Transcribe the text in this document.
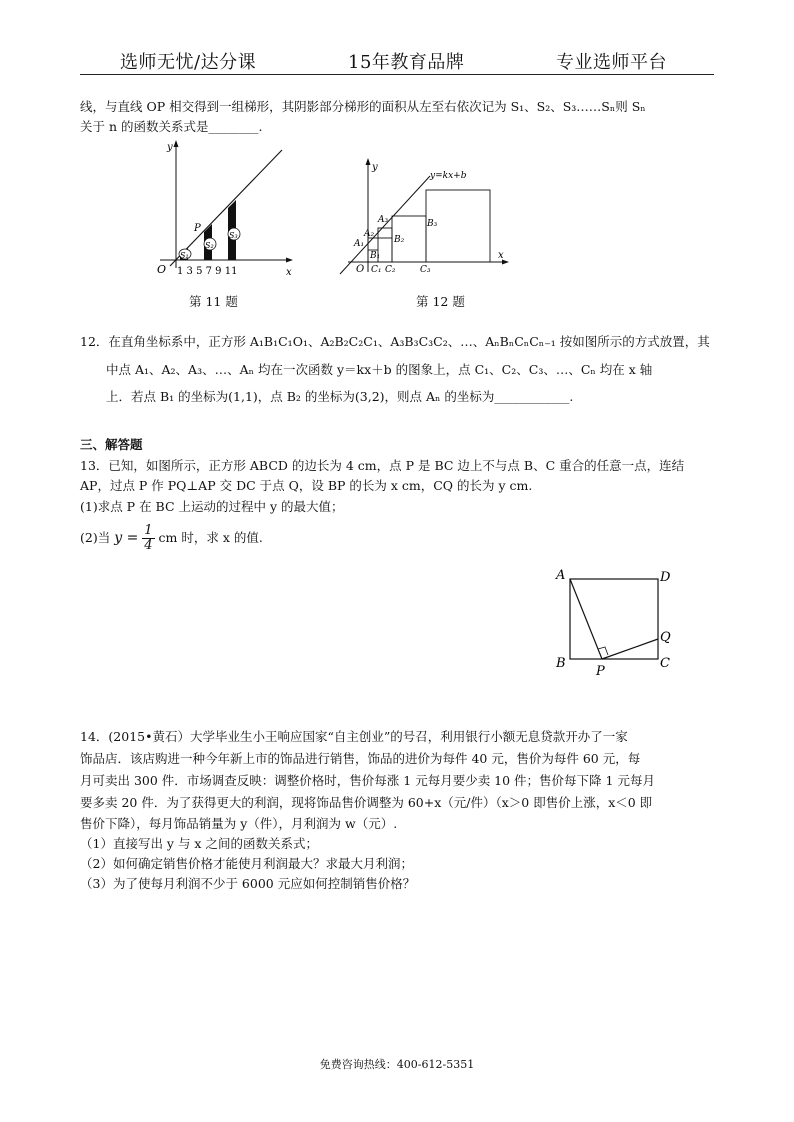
选师无忧/达分课	15年教育品牌	专业选师平台
线，与直线 OP 相交得到一组梯形，其阴影部分梯形的面积从左至右依次记为 S₁、S₂、S₃……Sₙ则 Sₙ
关于 n 的函数关系式是________.
S₁
S₂
S₃
y
x
O
P
1 3 5 7 9 11
第 11 题
y
x
O
y=kx+b
A₁
A₂
A₃
B₁
B₂
B₃
C₁ C₂	C₃
第 12 题
12．在直角坐标系中，正方形 A₁B₁C₁O₁、A₂B₂C₂C₁、A₃B₃C₃C₂、…、AₙBₙCₙCₙ₋₁ 按如图所示的方式放置，其
中点 A₁、A₂、A₃、…、Aₙ 均在一次函数 y＝kx＋b 的图象上，点 C₁、C₂、C₃、…、Cₙ 均在 x 轴
上．若点 B₁ 的坐标为(1,1)，点 B₂ 的坐标为(3,2)，则点 Aₙ 的坐标为____________.
三、解答题
13．已知，如图所示，正方形 ABCD 的边长为 4 cm，点 P 是 BC 边上不与点 B、C 重合的任意一点，连结
AP，过点 P 作 PQ⊥AP 交 DC 于点 Q，设 BP 的长为 x cm，CQ 的长为 y cm.
(1)求点 P 在 BC 上运动的过程中 y 的最大值；
(2)当 $y = \frac{1}{4}$ cm 时，求 x 的值.
A	D
B	C
P
Q
14．(2015•黄石）大学毕业生小王响应国家“自主创业”的号召，利用银行小额无息贷款开办了一家
饰品店．该店购进一种今年新上市的饰品进行销售，饰品的进价为每件 40 元，售价为每件 60 元，每
月可卖出 300 件．市场调查反映：调整价格时，售价每涨 1 元每月要少卖 10 件；售价每下降 1 元每月
要多卖 20 件．为了获得更大的利润，现将饰品售价调整为 60+x（元/件）（x＞0 即售价上涨，x＜0 即
售价下降），每月饰品销量为 y（件），月利润为 w（元）.
（1）直接写出 y 与 x 之间的函数关系式；
（2）如何确定销售价格才能使月利润最大？求最大月利润；
（3）为了使每月利润不少于 6000 元应如何控制销售价格？
免费咨询热线：400-612-5351
